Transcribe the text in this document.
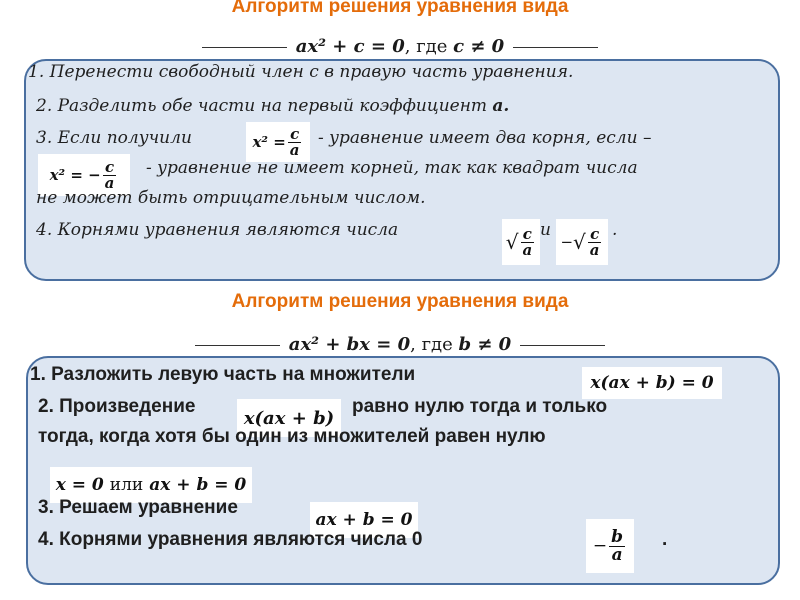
Алгоритм решения уравнения вида
ax² + c = 0, где c ≠ 0
1. Перенести свободный член с в правую часть уравнения.
2. Разделить обе части на первый коэффициент а.
3. Если получили	- уравнение имеет два корня, если –
$x^2 = \frac{c}{a}$
- уравнение не имеет корней, так как квадрат числа
x² = − $\frac{c}{a}$
не может быть отрицательным числом.
4. Корнями уравнения являются числа	√ $\frac{c}{a}$ и
− √ $\frac{c}{a}$ .
Алгоритм решения уравнения вида
ax² + bx = 0, где b ≠ 0
1. Разложить левую часть на множители	x(ax + b) = 0
2. Произведение	равно нулю тогда и только
x(ax + b)
тогда, когда хотя бы один из множителей равен нулю
x = 0 или ax + b = 0
3. Решаем уравнение
ax + b = 0
4. Корнями уравнения являются числа 0	− $\frac{b}{a}$ .
